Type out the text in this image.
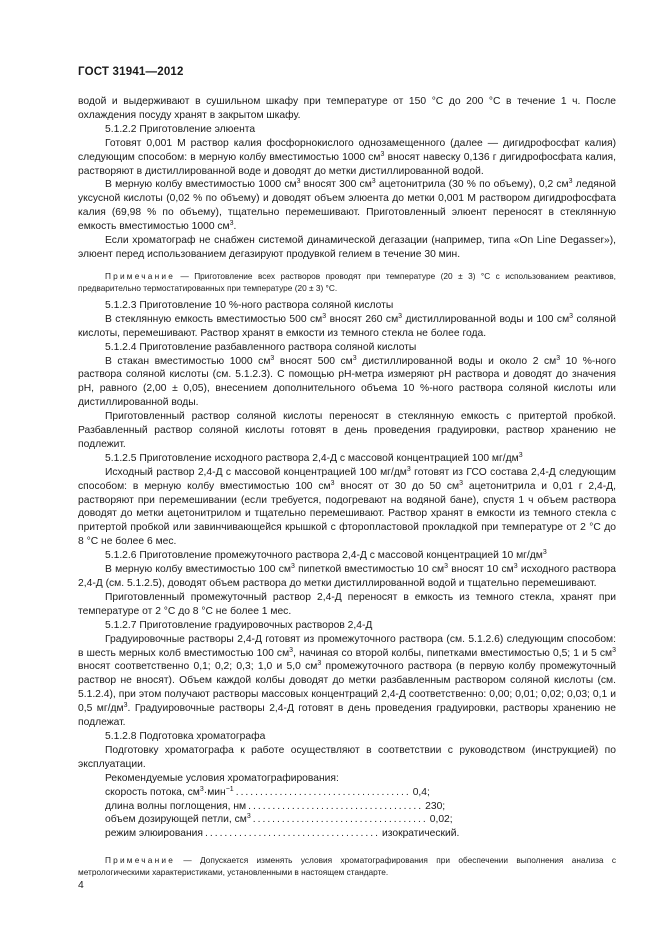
ГОСТ 31941—2012

водой и выдерживают в сушильном шкафу при температуре от 150 °С до 200 °С в течение 1 ч. После охлаждения посуду хранят в закрытом шкафу.

5.1.2.2 Приготовление элюента

Готовят 0,001 М раствор калия фосфорнокислого однозамещенного (далее — дигидрофосфат калия) следующим способом: в мерную колбу вместимостью 1000 $см^3$ вносят навеску 0,136 г дигидрофосфата калия, растворяют в дистиллированной воде и доводят до метки дистиллированной водой.

В мерную колбу вместимостью 1000 $см^3$ вносят 300 $см^3$ ацетонитрила (30 % по объему), 0,2 $см^3$ ледяной уксусной кислоты (0,02 % по объему) и доводят объем элюента до метки 0,001 М раствором дигидрофосфата калия (69,98 % по объему), тщательно перемешивают. Приготовленный элюент переносят в стеклянную емкость вместимостью 1000 $см^3$.

Если хроматограф не снабжен системой динамической дегазации (например, типа «On Line Degasser»), элюент перед использованием дегазируют продувкой гелием в течение 30 мин.

Примечание — Приготовление всех растворов проводят при температуре (20 ± 3) °С с использованием реактивов, предварительно термостатированных при температуре (20 ± 3) °С.

5.1.2.3 Приготовление 10 %-ного раствора соляной кислоты

В стеклянную емкость вместимостью 500 $см^3$ вносят 260 $см^3$ дистиллированной воды и 100 $см^3$ соляной кислоты, перемешивают. Раствор хранят в емкости из темного стекла не более года.

5.1.2.4 Приготовление разбавленного раствора соляной кислоты

В стакан вместимостью 1000 $см^3$ вносят 500 $см^3$ дистиллированной воды и около 2 $см^3$ 10 %-ного раствора соляной кислоты (см. 5.1.2.3). С помощью рН-метра измеряют рН раствора и доводят до значения рН, равного (2,00 ± 0,05), внесением дополнительного объема 10 %-ного раствора соляной кислоты или дистиллированной воды.

Приготовленный раствор соляной кислоты переносят в стеклянную емкость с притертой пробкой. Разбавленный раствор соляной кислоты готовят в день проведения градуировки, раствор хранению не подлежит.

5.1.2.5 Приготовление исходного раствора 2,4-Д с массовой концентрацией 100 $мг/дм^3$

Исходный раствор 2,4-Д с массовой концентрацией 100 $мг/дм^3$ готовят из ГСО состава 2,4-Д следующим способом: в мерную колбу вместимостью 100 $см^3$ вносят от 30 до 50 $см^3$ ацетонитрила и 0,01 г 2,4-Д, растворяют при перемешивании (если требуется, подогревают на водяной бане), спустя 1 ч объем раствора доводят до метки ацетонитрилом и тщательно перемешивают. Раствор хранят в емкости из темного стекла с притертой пробкой или завинчивающейся крышкой с фторопластовой прокладкой при температуре от 2 °С до 8 °С не более 6 мес.

5.1.2.6 Приготовление промежуточного раствора 2,4-Д с массовой концентрацией 10 $мг/дм^3$

В мерную колбу вместимостью 100 $см^3$ пипеткой вместимостью 10 $см^3$ вносят 10 $см^3$ исходного раствора 2,4-Д (см. 5.1.2.5), доводят объем раствора до метки дистиллированной водой и тщательно перемешивают.

Приготовленный промежуточный раствор 2,4-Д переносят в емкость из темного стекла, хранят при температуре от 2 °С до 8 °С не более 1 мес.

5.1.2.7 Приготовление градуировочных растворов 2,4-Д

Градуировочные растворы 2,4-Д готовят из промежуточного раствора (см. 5.1.2.6) следующим способом: в шесть мерных колб вместимостью 100 $см^3$, начиная со второй колбы, пипетками вместимостью 0,5; 1 и 5 $см^3$ вносят соответственно 0,1; 0,2; 0,3; 1,0 и 5,0 $см^3$ промежуточного раствора (в первую колбу промежуточный раствор не вносят). Объем каждой колбы доводят до метки разбавленным раствором соляной кислоты (см. 5.1.2.4), при этом получают растворы массовых концентраций 2,4-Д соответственно: 0,00; 0,01; 0,02; 0,03; 0,1 и 0,5 $мг/дм^3$. Градуировочные растворы 2,4-Д готовят в день проведения градуировки, растворы хранению не подлежат.

5.1.2.8 Подготовка хроматографа

Подготовку хроматографа к работе осуществляют в соответствии с руководством (инструкцией) по эксплуатации.

Рекомендуемые условия хроматографирования:

скорость потока, $см^3\cdot мин^{-1}$ .................................... 0,4;
длина волны поглощения, нм .................................... 230;
объем дозирующей петли, $см^3$ .................................... 0,02;
режим элюирования .................................... изократический.

Примечание — Допускается изменять условия хроматографирования при обеспечении выполнения анализа с метрологическими характеристиками, установленными в настоящем стандарте.

4
